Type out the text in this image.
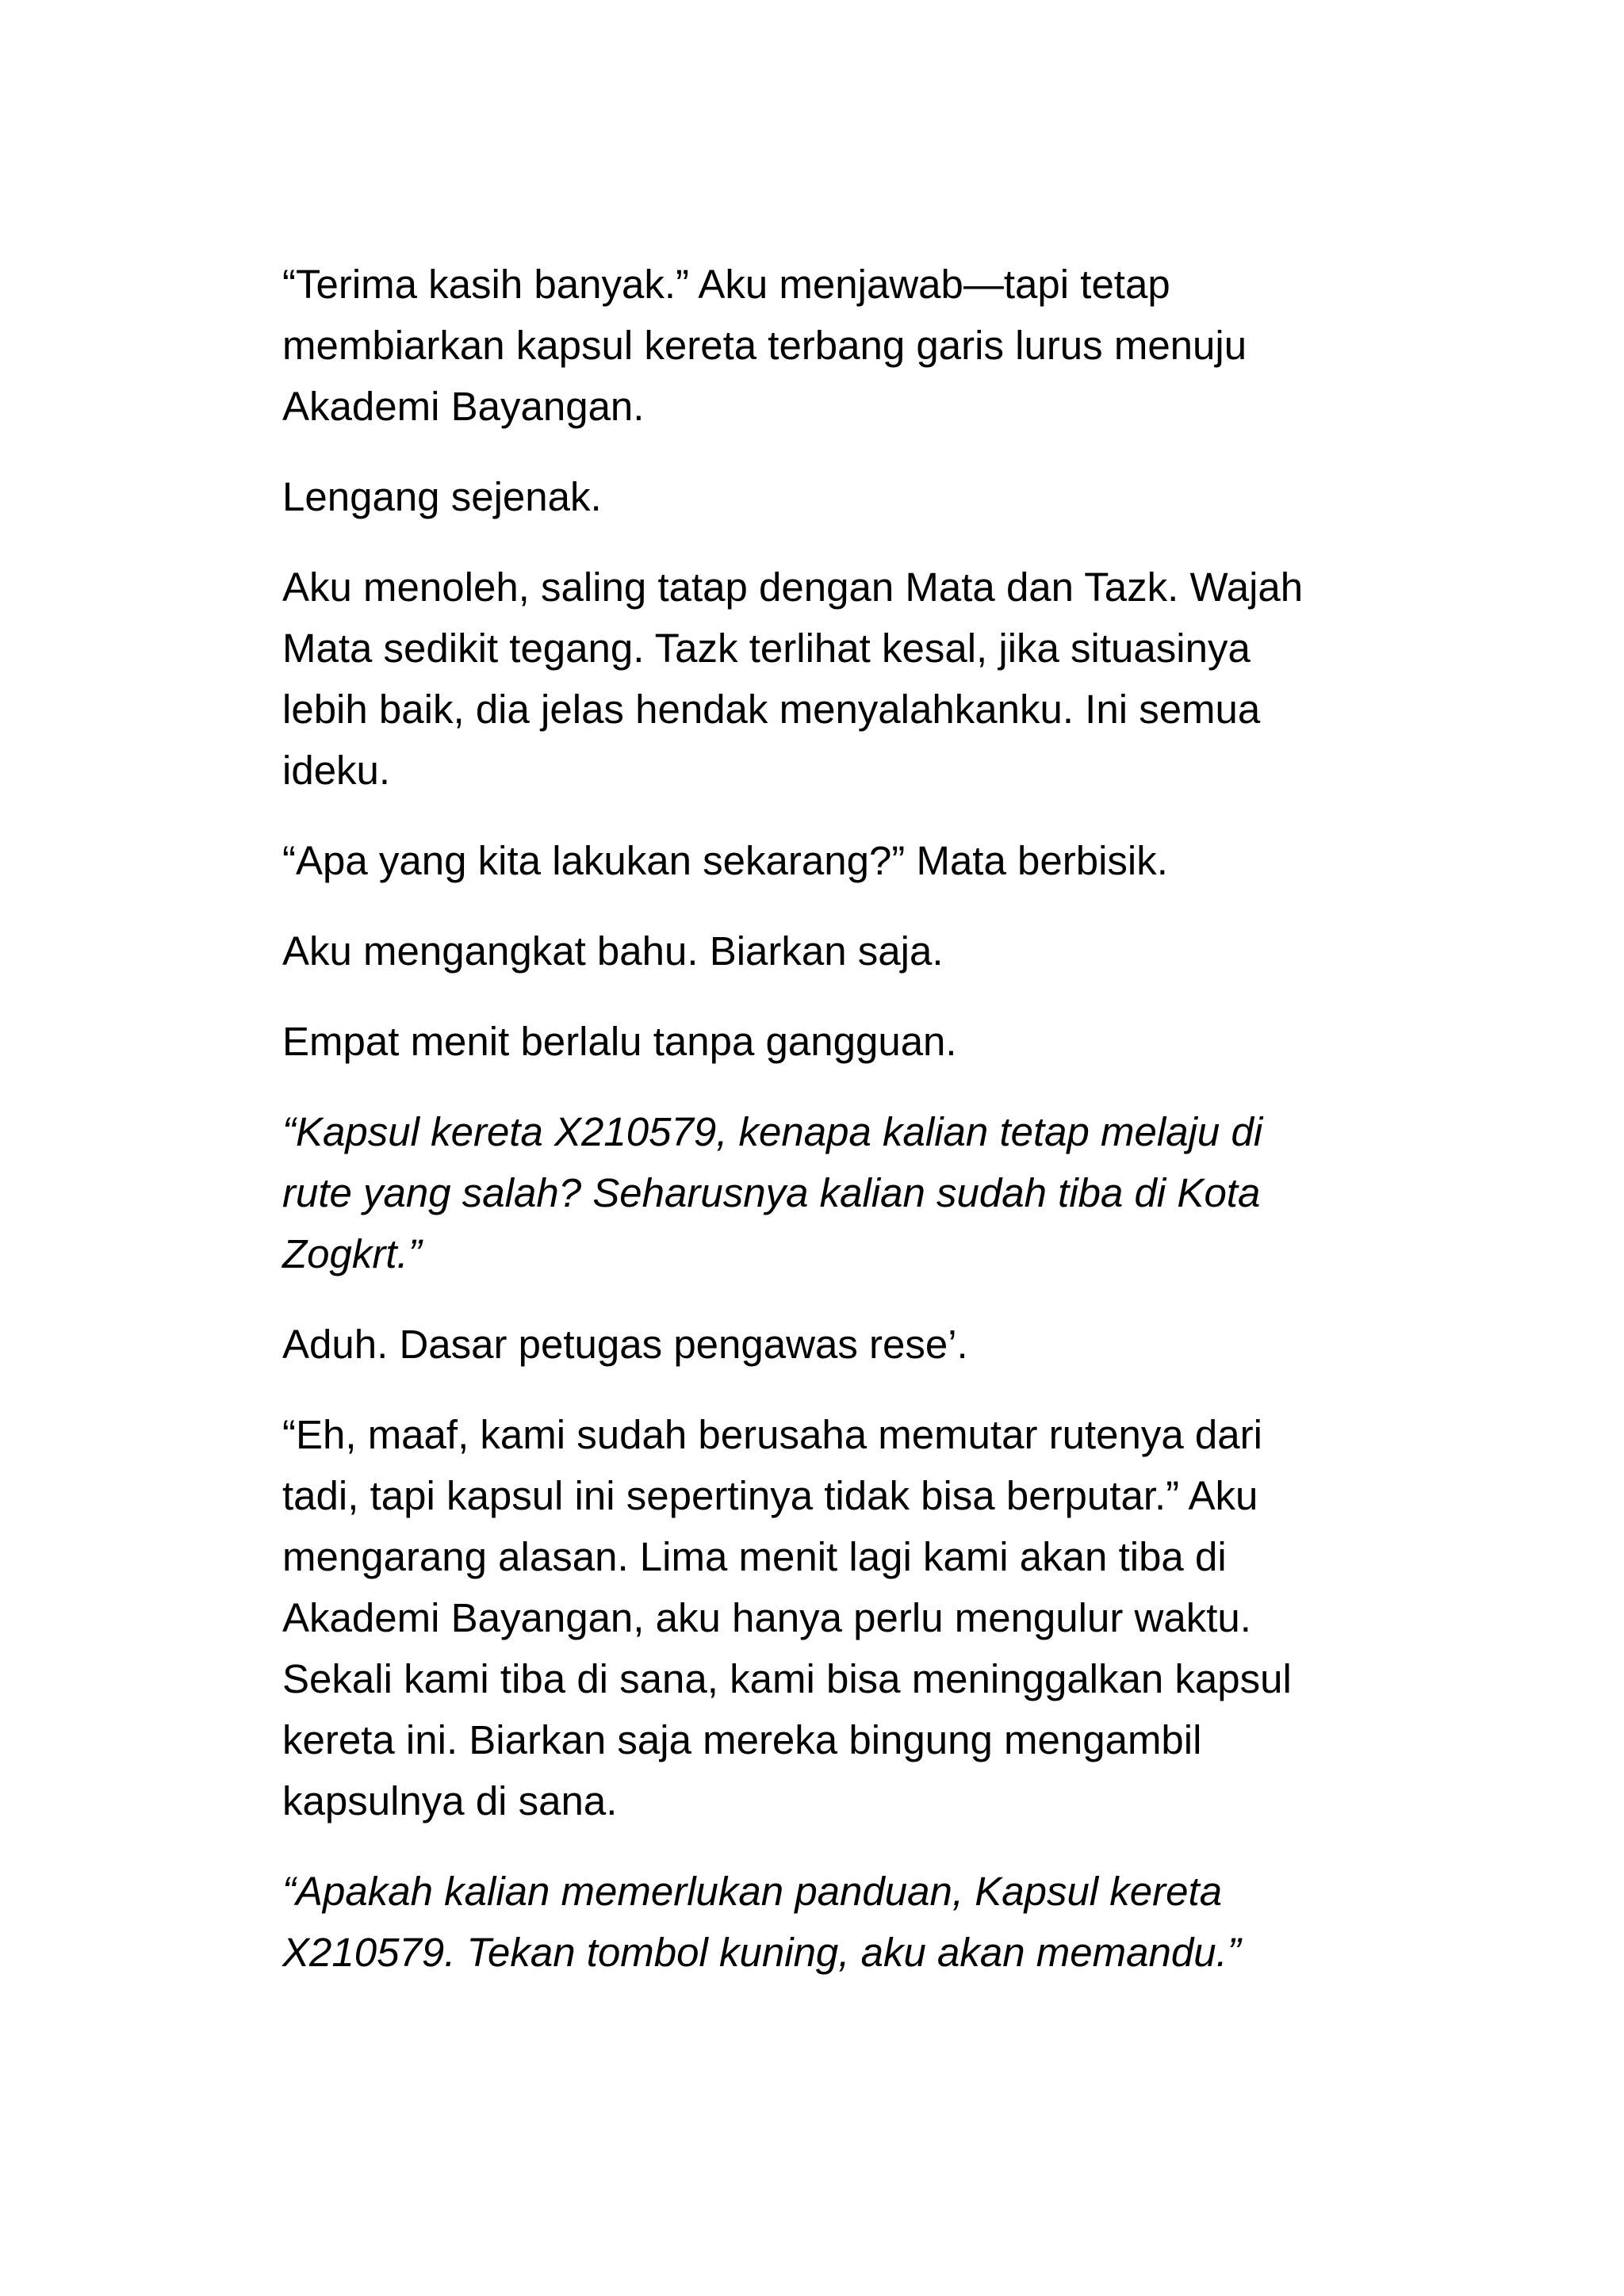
“Terima kasih banyak.” Aku menjawab—tapi tetap
membiarkan kapsul kereta terbang garis lurus menuju
Akademi Bayangan.

Lengang sejenak.

Aku menoleh, saling tatap dengan Mata dan Tazk. Wajah
Mata sedikit tegang. Tazk terlihat kesal, jika situasinya
lebih baik, dia jelas hendak menyalahkanku. Ini semua
ideku.

“Apa yang kita lakukan sekarang?” Mata berbisik.

Aku mengangkat bahu. Biarkan saja.

Empat menit berlalu tanpa gangguan.

“Kapsul kereta X210579, kenapa kalian tetap melaju di
rute yang salah? Seharusnya kalian sudah tiba di Kota
Zogkrt.”

Aduh. Dasar petugas pengawas rese’.

“Eh, maaf, kami sudah berusaha memutar rutenya dari
tadi, tapi kapsul ini sepertinya tidak bisa berputar.” Aku
mengarang alasan. Lima menit lagi kami akan tiba di
Akademi Bayangan, aku hanya perlu mengulur waktu.
Sekali kami tiba di sana, kami bisa meninggalkan kapsul
kereta ini. Biarkan saja mereka bingung mengambil
kapsulnya di sana.

“Apakah kalian memerlukan panduan, Kapsul kereta
X210579. Tekan tombol kuning, aku akan memandu.”
